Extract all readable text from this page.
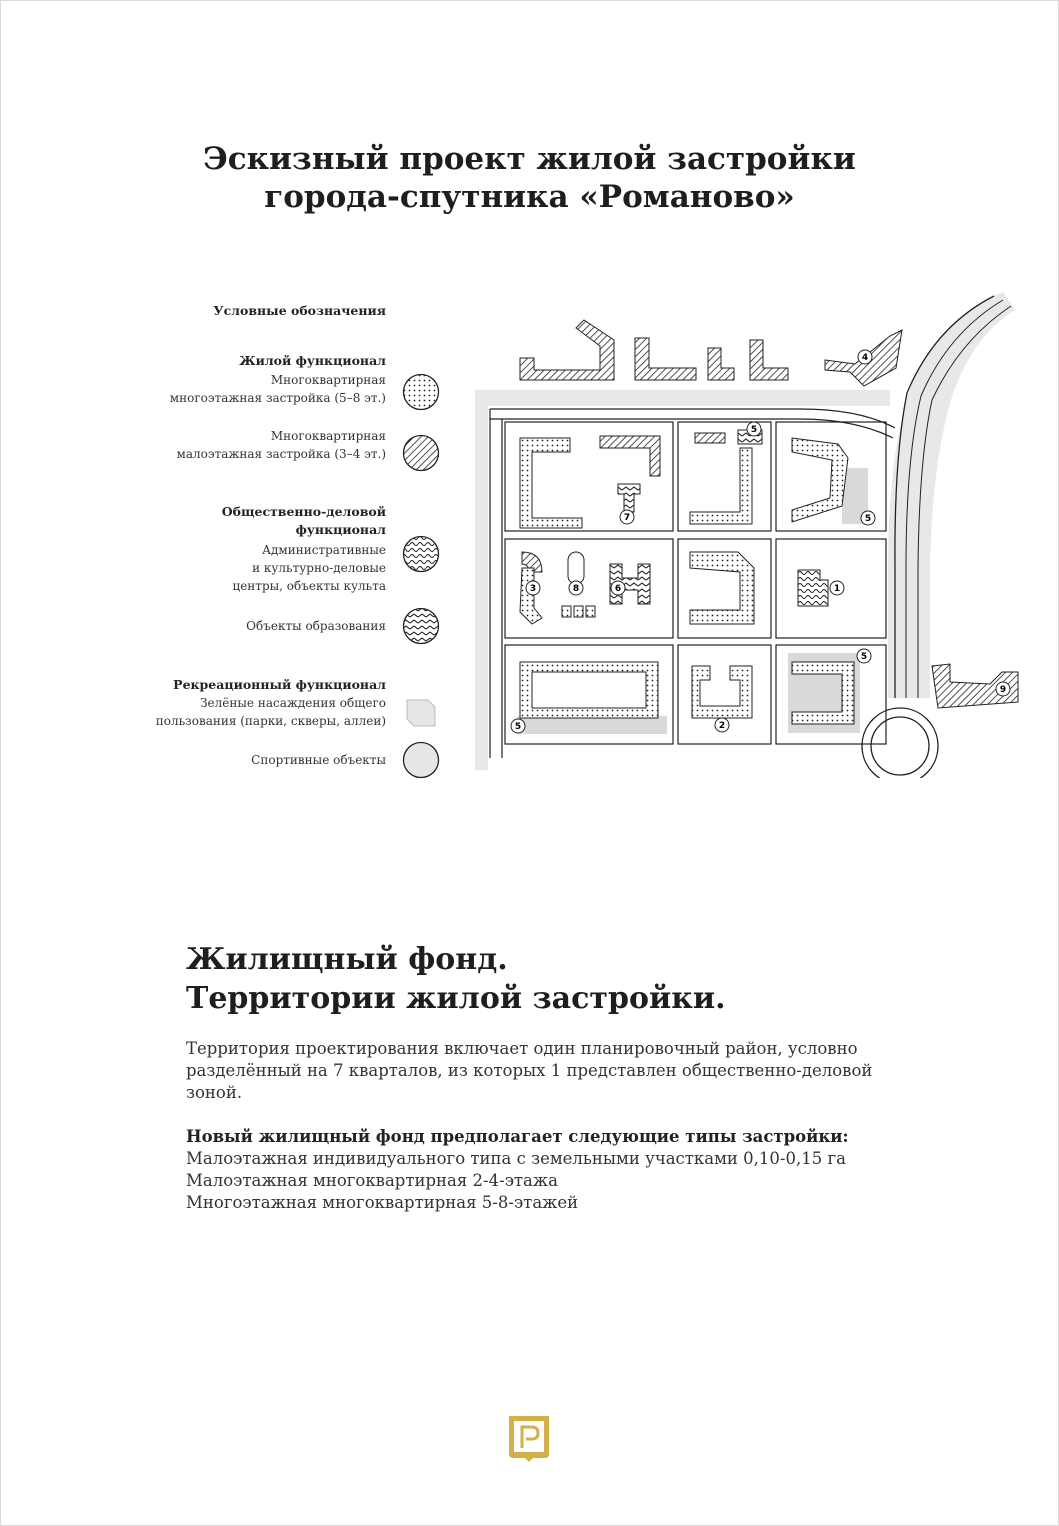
Эскизный проект жилой застройки
города-спутника «Романово»
Условные обозначения
Жилой функционал
Многоквартирная
многоэтажная застройка (5–8 эт.)
Многоквартирная
малоэтажная застройка (3–4 эт.)
Общественно-деловой
функционал
Административные
и культурно-деловые
центры, объекты культа
Объекты образования
Рекреационный функционал
Зелёные насаждения общего
пользования (парки, скверы, аллеи)
Спортивные объекты
1
2
3
4
5
5
5
5
6
7
8
9
Жилищный фонд.
Территории жилой застройки.
Территория проектирования включает один планировочный район, условно разделённый на 7 кварталов, из которых 1 представлен общественно-деловой зоной.
Новый жилищный фонд предполагает следующие типы застройки:
Малоэтажная индивидуального типа с земельными участками 0,10-0,15 га
Малоэтажная многоквартирная 2-4-этажа
Многоэтажная многоквартирная 5-8-этажей
